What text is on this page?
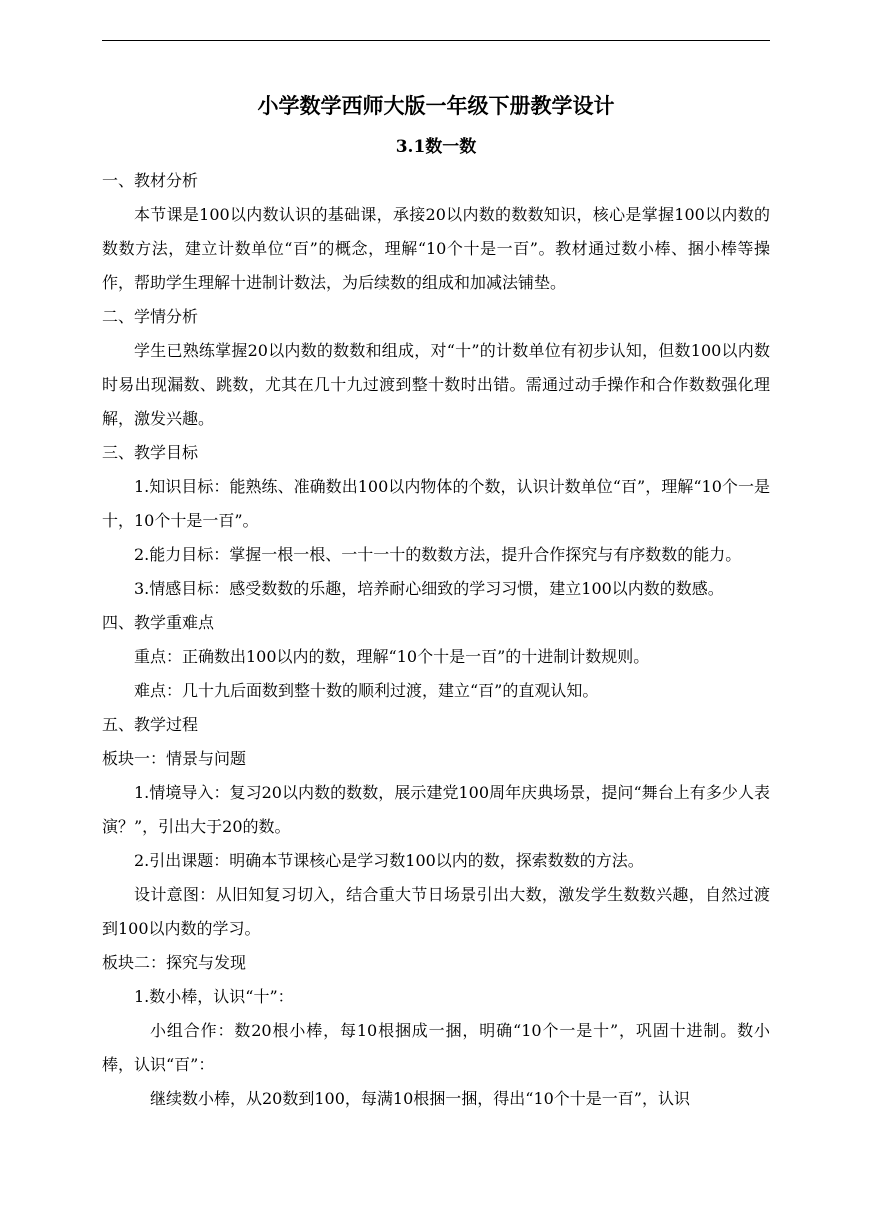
小学数学西师大版一年级下册教学设计

3.1数一数

一、教材分析

本节课是100以内数认识的基础课，承接20以内数的数数知识，核心是掌握100以内数的数数方法，建立计数单位“百”的概念，理解“10个十是一百”。教材通过数小棒、捆小棒等操作，帮助学生理解十进制计数法，为后续数的组成和加减法铺垫。

二、学情分析

学生已熟练掌握20以内数的数数和组成，对“十”的计数单位有初步认知，但数100以内数时易出现漏数、跳数，尤其在几十九过渡到整十数时出错。需通过动手操作和合作数数强化理解，激发兴趣。

三、教学目标

1.知识目标：能熟练、准确数出100以内物体的个数，认识计数单位“百”，理解“10个一是十，10个十是一百”。

2.能力目标：掌握一根一根、一十一十的数数方法，提升合作探究与有序数数的能力。

3.情感目标：感受数数的乐趣，培养耐心细致的学习习惯，建立100以内数的数感。

四、教学重难点

重点：正确数出100以内的数，理解“10个十是一百”的十进制计数规则。

难点：几十九后面数到整十数的顺利过渡，建立“百”的直观认知。

五、教学过程

板块一：情景与问题

1.情境导入：复习20以内数的数数，展示建党100周年庆典场景，提问“舞台上有多少人表演？”，引出大于20的数。

2.引出课题：明确本节课核心是学习数100以内的数，探索数数的方法。

设计意图：从旧知复习切入，结合重大节日场景引出大数，激发学生数数兴趣，自然过渡到100以内数的学习。

板块二：探究与发现

1.数小棒，认识“十”：

小组合作：数20根小棒，每10根捆成一捆，明确“10个一是十”，巩固十进制。数小棒，认识“百”：

继续数小棒，从20数到100，每满10根捆一捆，得出“10个十是一百”，认识
